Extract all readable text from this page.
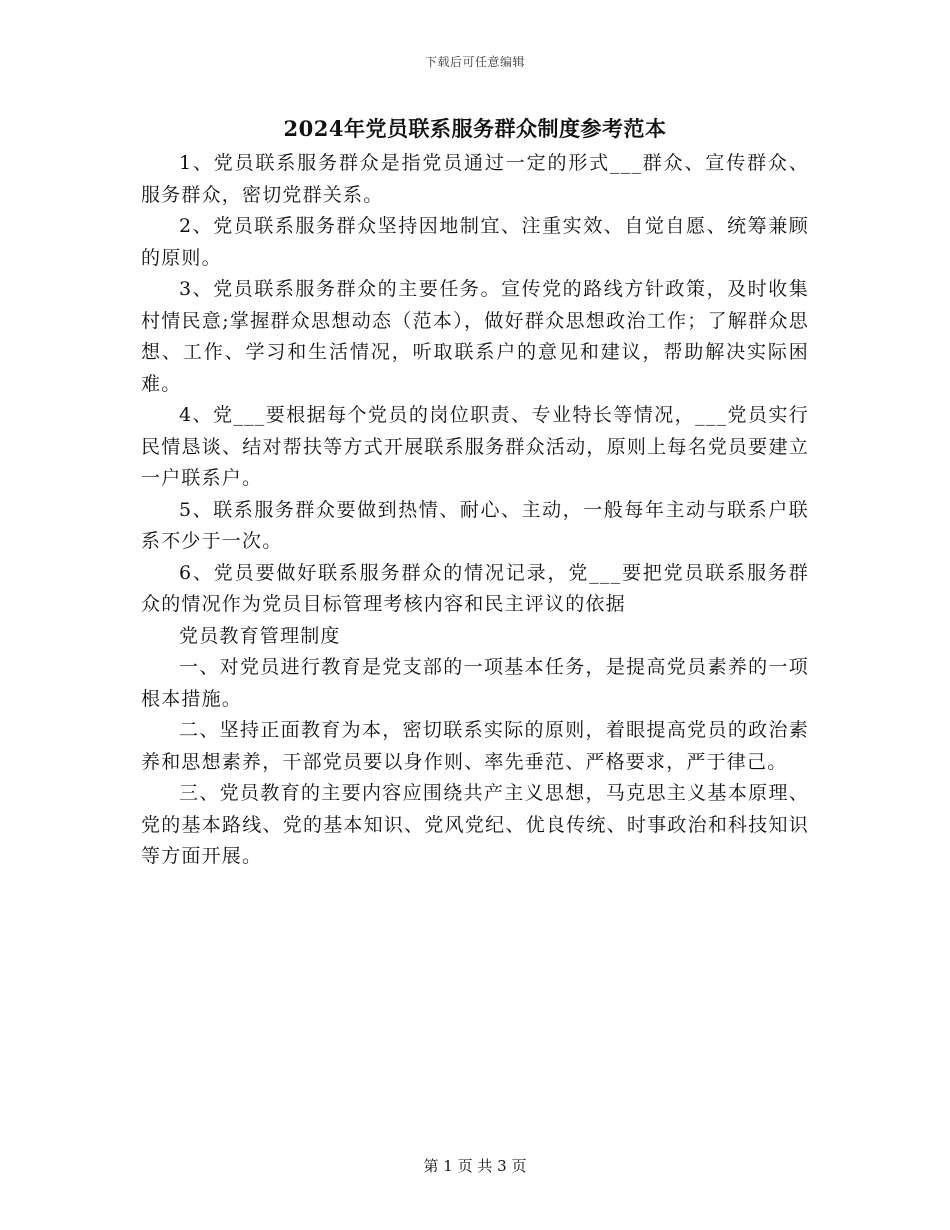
下载后可任意编辑
2024年党员联系服务群众制度参考范本

1、党员联系服务群众是指党员通过一定的形式___群众、宣传群众、服务群众，密切党群关系。

2、党员联系服务群众坚持因地制宜、注重实效、自觉自愿、统筹兼顾的原则。

3、党员联系服务群众的主要任务。宣传党的路线方针政策，及时收集村情民意;掌握群众思想动态（范本），做好群众思想政治工作；了解群众思想、工作、学习和生活情况，听取联系户的意见和建议，帮助解决实际困难。

4、党___要根据每个党员的岗位职责、专业特长等情况，___党员实行民情恳谈、结对帮扶等方式开展联系服务群众活动，原则上每名党员要建立一户联系户。

5、联系服务群众要做到热情、耐心、主动，一般每年主动与联系户联系不少于一次。

6、党员要做好联系服务群众的情况记录，党___要把党员联系服务群众的情况作为党员目标管理考核内容和民主评议的依据

党员教育管理制度

一、对党员进行教育是党支部的一项基本任务，是提高党员素养的一项根本措施。

二、坚持正面教育为本，密切联系实际的原则，着眼提高党员的政治素养和思想素养，干部党员要以身作则、率先垂范、严格要求，严于律己。

三、党员教育的主要内容应围绕共产主义思想，马克思主义基本原理、党的基本路线、党的基本知识、党风党纪、优良传统、时事政治和科技知识等方面开展。

第 1 页 共 3 页
